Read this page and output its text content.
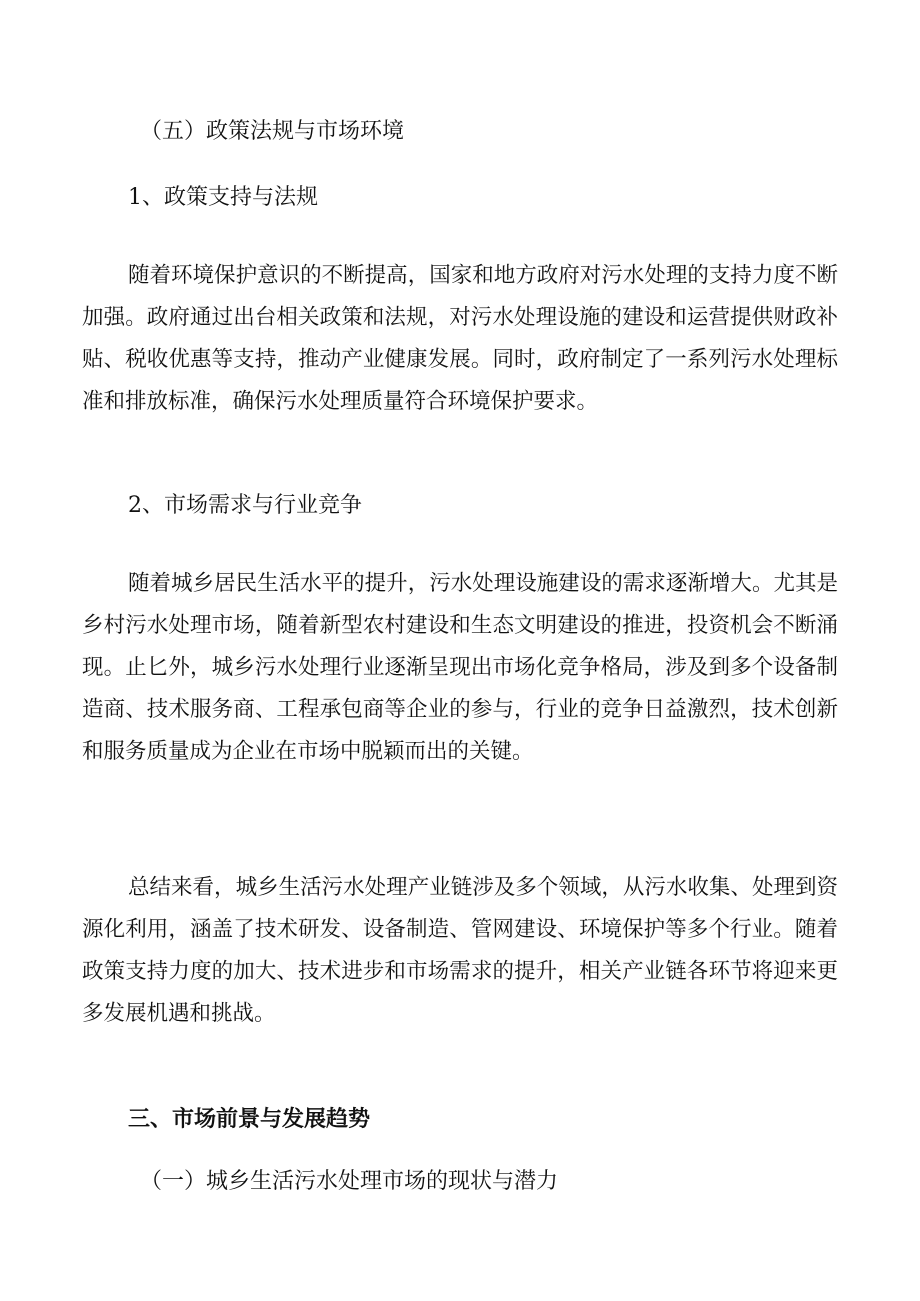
（五）政策法规与市场环境
1、政策支持与法规
随着环境保护意识的不断提高，国家和地方政府对污水处理的支持力度不断加强。政府通过出台相关政策和法规，对污水处理设施的建设和运营提供财政补贴、税收优惠等支持，推动产业健康发展。同时，政府制定了一系列污水处理标准和排放标准，确保污水处理质量符合环境保护要求。
2、市场需求与行业竞争
随着城乡居民生活水平的提升，污水处理设施建设的需求逐渐增大。尤其是乡村污水处理市场，随着新型农村建设和生态文明建设的推进，投资机会不断涌现。止匕外，城乡污水处理行业逐渐呈现出市场化竞争格局，涉及到多个设备制造商、技术服务商、工程承包商等企业的参与，行业的竞争日益激烈，技术创新和服务质量成为企业在市场中脱颖而出的关键。
总结来看，城乡生活污水处理产业链涉及多个领域，从污水收集、处理到资源化利用，涵盖了技术研发、设备制造、管网建设、环境保护等多个行业。随着政策支持力度的加大、技术进步和市场需求的提升，相关产业链各环节将迎来更多发展机遇和挑战。
三、市场前景与发展趋势
（一）城乡生活污水处理市场的现状与潜力
